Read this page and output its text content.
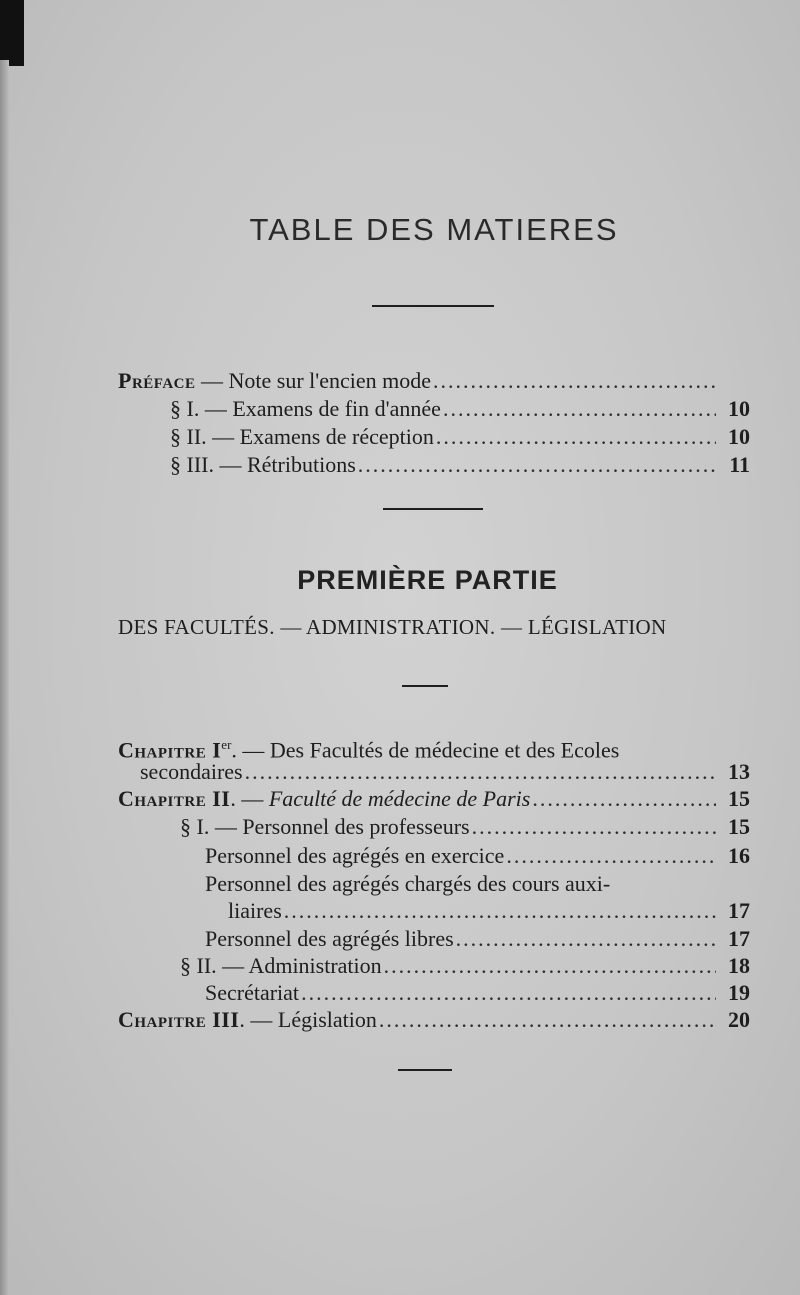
TABLE DES MATIERES
Préface — Note sur l'encien mode
.....
§ I. — Examens de fin d'année .....	10
§ II. — Examens de réception .....	10
§ III. — Rétributions .....	11
PREMIÈRE PARTIE
DES FACULTÉS. — ADMINISTRATION. — LÉGISLATION
Chapitre Ier. — Des Facultés de médecine et des Ecoles
secondaires .....	13
Chapitre II. — Faculté de médecine de Paris .....	15
§ I. — Personnel des professeurs .....	15
Personnel des agrégés en exercice .....	16
Personnel des agrégés chargés des cours auxi-
liaires .....	17
Personnel des agrégés libres .....	17
§ II. — Administration .....	18
Secrétariat .....	19
Chapitre III. — Législation .....	20
